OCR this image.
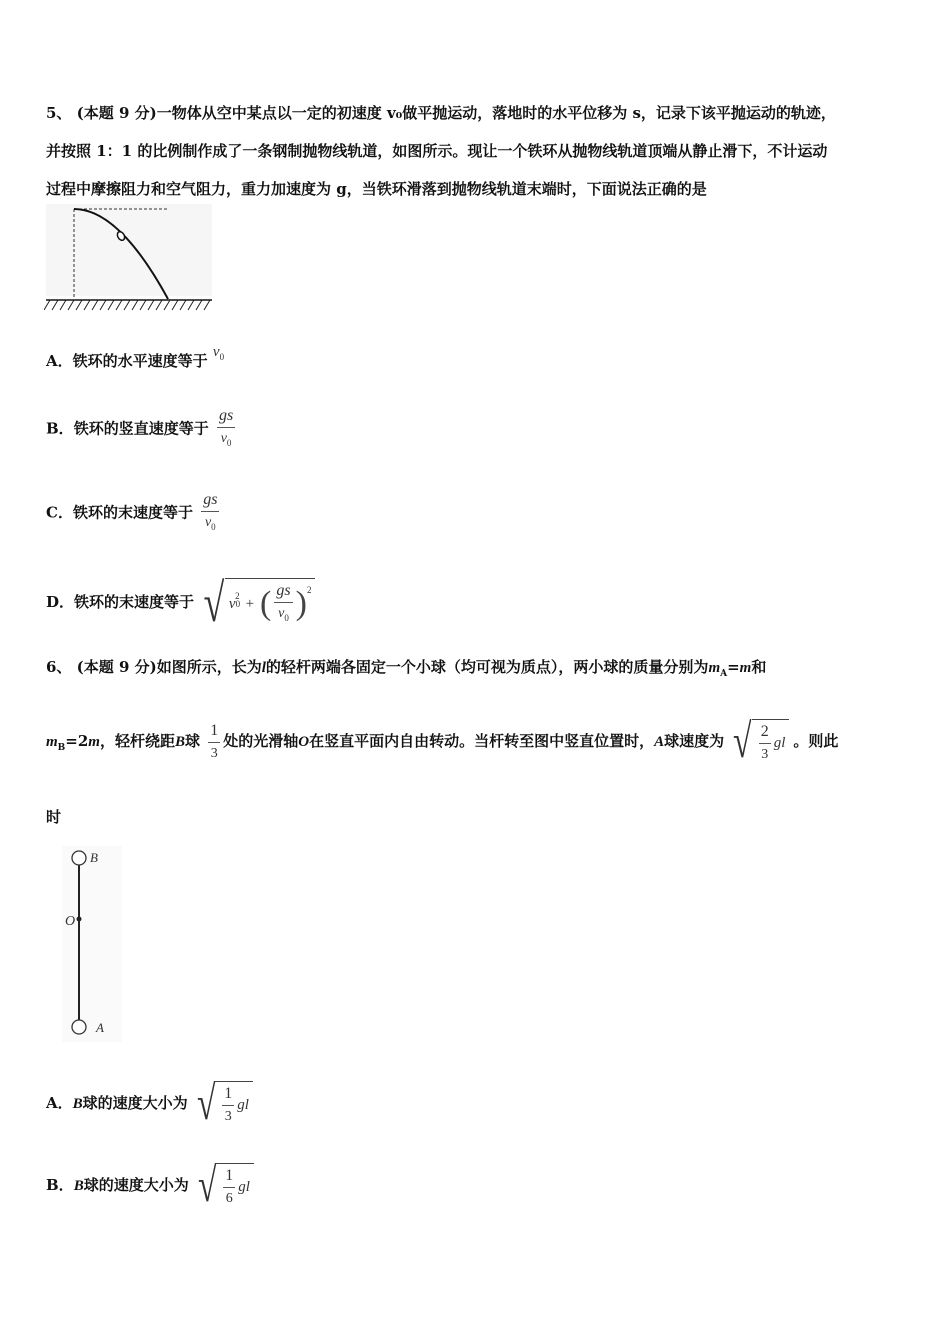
5、 (本题 9 分)一物体从空中某点以一定的初速度 v₀做平抛运动，落地时的水平位移为 s，记录下该平抛运动的轨迹，
并按照 1：1 的比例制作成了一条钢制抛物线轨道，如图所示。现让一个铁环从抛物线轨道顶端从静止滑下，不计运动
过程中摩擦阻力和空气阻力，重力加速度为 g，当铁环滑落到抛物线轨道末端时，下面说法正确的是
A．铁环的水平速度等于 $v_0$
B．铁环的竖直速度等于 $\frac{gs}{v_0}$
C．铁环的末速度等于 $\frac{gs}{v_0}$
D．铁环的末速度等于 √ v 0
2 + ( $\frac{gs}{v_0}$ ) 2
6、 (本题 9 分)如图所示，长为l的轻杆两端各固定一个小球（均可视为质点），两小球的质量分别为$m_A=m$和
$m_B=2m$，轻杆绕距B球 $\frac{1}{3}$ 处的光滑轴O在竖直平面内自由转动。当杆转至图中竖直位置时，A球速度为 √ $\frac{2}{3}$ gl 。则此
时
B
O
A
A．B球的速度大小为 √ $\frac{1}{3}$ gl
B．B球的速度大小为 √ $\frac{1}{6}$ gl
